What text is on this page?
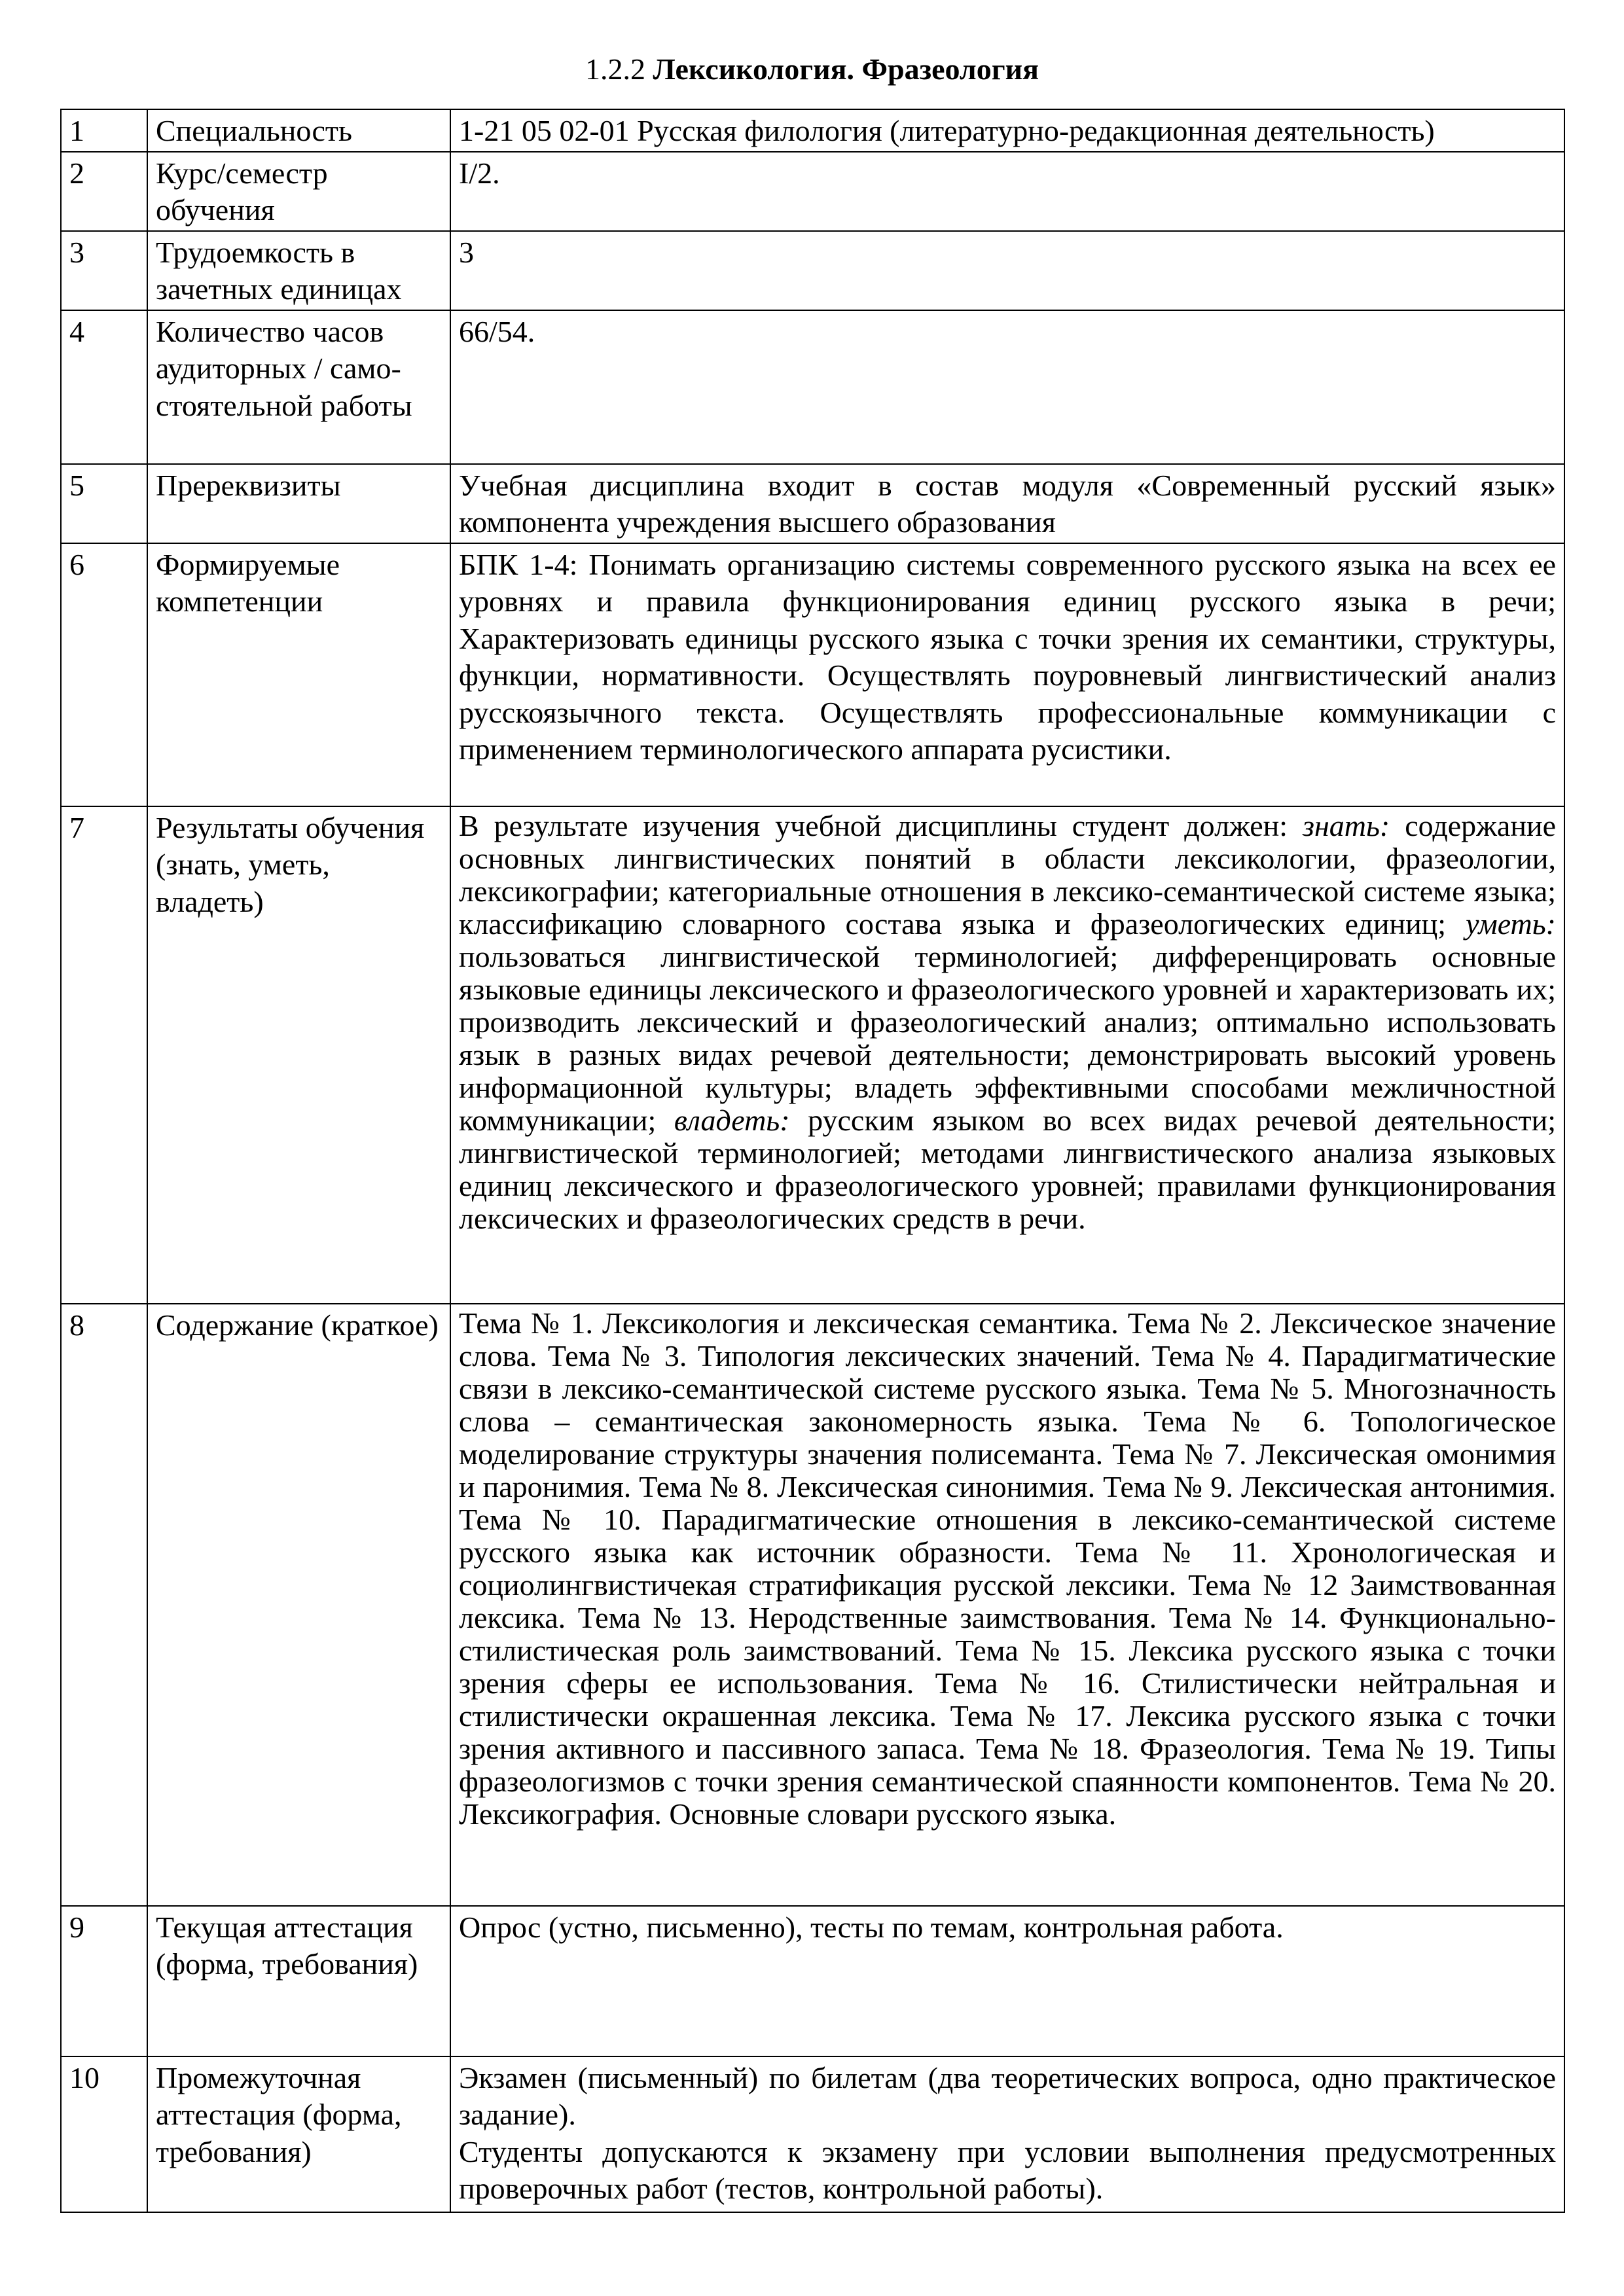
1.2.2 Лексикология. Фразеология
1	Специальность	1-21 05 02-01 Русская филология (литературно-редакционная деятельность)
2	Курс/семестр обучения	I/2.
3	Трудоемкость в зачетных единицах	3
4	Количество часов аудиторных / само-стоятельной работы	66/54.
5	Пререквизиты	Учебная дисциплина входит в состав модуля «Современный русский язык» компонента учреждения высшего образования
6	Формируемые компетенции	БПК 1-4: Понимать организацию системы современного русского языка на всех ее уровнях и правила функционирования единиц русского языка в речи; Характеризовать единицы русского языка с точки зрения их семантики, структуры, функции, нормативности. Осуществлять поуровневый лингвистический анализ русскоязычного текста. Осуществлять профессиональные коммуникации с применением терминологического аппарата русистики.
7	Результаты обучения (знать, уметь, владеть)	В результате изучения учебной дисциплины студент должен: знать: содержание основных лингвистических понятий в области лексикологии, фразеологии, лексикографии; категориальные отношения в лексико-семантической системе языка; классификацию словарного состава языка и фразеологических единиц; уметь: пользоваться лингвистической терминологией; дифференцировать основные языковые единицы лексического и фразеологического уровней и характеризовать их; производить лексический и фразеологический анализ; оптимально использовать язык в разных видах речевой деятельности; демонстрировать высокий уровень информационной культуры; владеть эффективными способами межличностной коммуникации; владеть: русским языком во всех видах речевой деятельности; лингвистической терминологией; методами лингвистического анализа языковых единиц лексического и фразеологического уровней; правилами функционирования лексических и фразеологических средств в речи.
8	Содержание (краткое)	Тема № 1. Лексикология и лексическая семантика. Тема № 2. Лексическое значение слова. Тема № 3. Типология лексических значений. Тема № 4. Парадигматические связи в лексико-семантической системе русского языка. Тема № 5. Многозначность слова – семантическая закономерность языка. Тема № 6. Топологическое моделирование структуры значения полисеманта. Тема № 7. Лексическая омонимия и паронимия. Тема № 8. Лексическая синонимия. Тема № 9. Лексическая антонимия. Тема № 10. Парадигматические отношения в лексико-семантической системе русского языка как источник образности. Тема № 11. Хронологическая и социолингвистичекая стратификация русской лексики. Тема № 12 Заимствованная лексика. Тема № 13. Неродственные заимствования. Тема № 14. Функционально-стилистическая роль заимствований. Тема № 15. Лексика русского языка с точки зрения сферы ее использования. Тема № 16. Стилистически нейтральная и стилистически окрашенная лексика. Тема № 17. Лексика русского языка с точки зрения активного и пассивного запаса. Тема № 18. Фразеология. Тема № 19. Типы фразеологизмов с точки зрения семантической спаянности компонентов. Тема № 20. Лексикография. Основные словари русского языка.
9	Текущая аттестация (форма, требования)	Опрос (устно, письменно), тесты по темам, контрольная работа.
10	Промежуточная аттестация (форма, требования)	Экзамен (письменный) по билетам (два теоретических вопроса, одно практическое задание).
Студенты допускаются к экзамену при условии выполнения предусмотренных проверочных работ (тестов, контрольной работы).
